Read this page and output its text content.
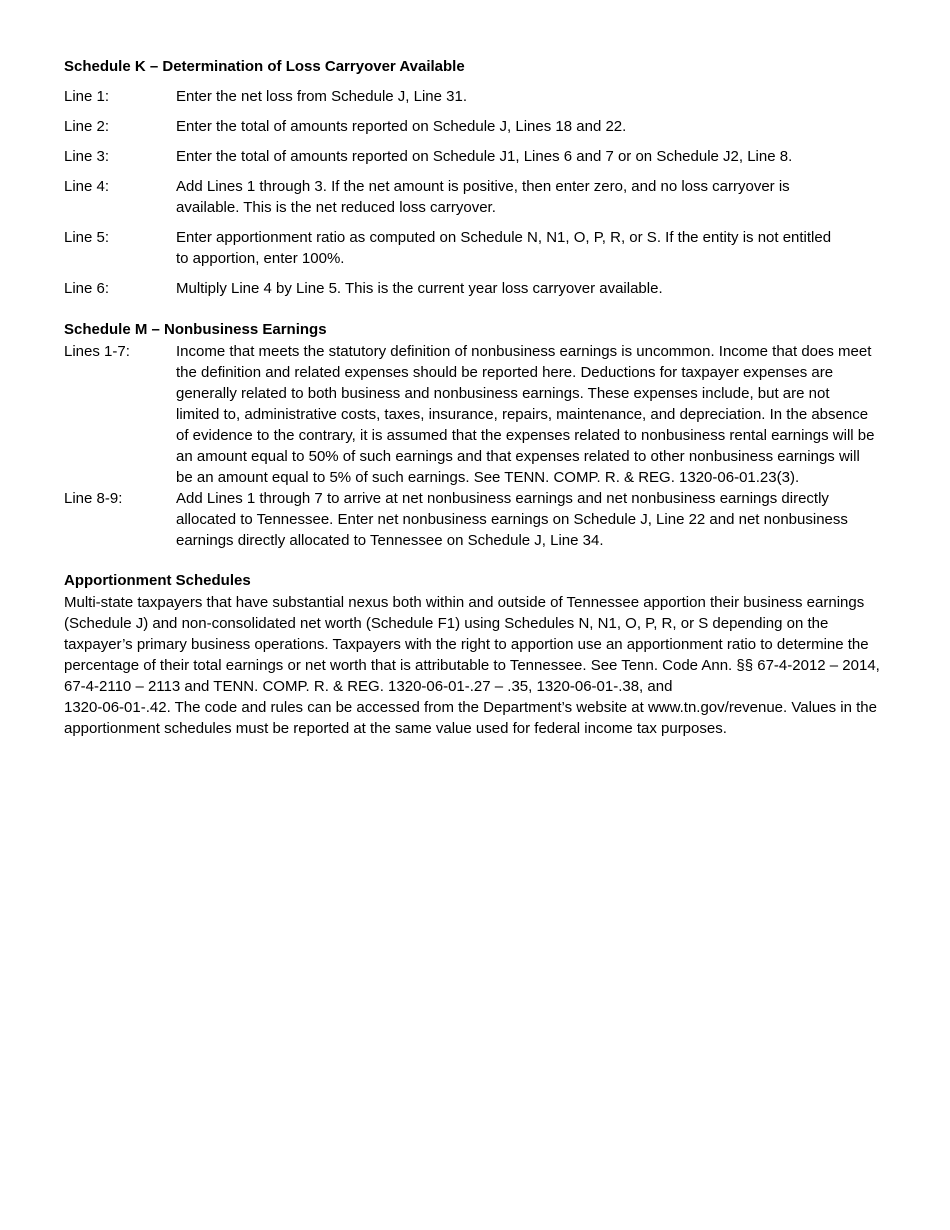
Schedule K – Determination of Loss Carryover Available

Line 1:	Enter the net loss from Schedule J, Line 31.
Line 2:	Enter the total of amounts reported on Schedule J, Lines 18 and 22.
Line 3:	Enter the total of amounts reported on Schedule J1, Lines 6 and 7 or on Schedule J2, Line 8.
Line 4:	Add Lines 1 through 3. If the net amount is positive, then enter zero, and no loss carryover is available. This is the net reduced loss carryover.
Line 5:	Enter apportionment ratio as computed on Schedule N, N1, O, P, R, or S. If the entity is not entitled to apportion, enter 100%.
Line 6:	Multiply Line 4 by Line 5. This is the current year loss carryover available.

Schedule M – Nonbusiness Earnings

Lines 1-7:	Income that meets the statutory definition of nonbusiness earnings is uncommon. Income that does meet the definition and related expenses should be reported here. Deductions for taxpayer expenses are generally related to both business and nonbusiness earnings. These expenses include, but are not limited to, administrative costs, taxes, insurance, repairs, maintenance, and depreciation. In the absence of evidence to the contrary, it is assumed that the expenses related to nonbusiness rental earnings will be an amount equal to 50% of such earnings and that expenses related to other nonbusiness earnings will be an amount equal to 5% of such earnings. See TENN. COMP. R. & REG. 1320-06-01.23(3).
Line 8-9:	Add Lines 1 through 7 to arrive at net nonbusiness earnings and net nonbusiness earnings directly allocated to Tennessee. Enter net nonbusiness earnings on Schedule J, Line 22 and net nonbusiness earnings directly allocated to Tennessee on Schedule J, Line 34.

Apportionment Schedules

Multi-state taxpayers that have substantial nexus both within and outside of Tennessee apportion their business earnings (Schedule J) and non-consolidated net worth (Schedule F1) using Schedules N, N1, O, P, R, or S depending on the taxpayer’s primary business operations. Taxpayers with the right to apportion use an apportionment ratio to determine the percentage of their total earnings or net worth that is attributable to Tennessee. See Tenn. Code Ann. §§ 67-4-2012 – 2014, 67-4-2110 – 2113 and TENN. COMP. R. & REG. 1320-06-01-.27 – .35, 1320-06-01-.38, and

1320-06-01-.42. The code and rules can be accessed from the Department’s website at www.tn.gov/revenue. Values in the apportionment schedules must be reported at the same value used for federal income tax purposes.
